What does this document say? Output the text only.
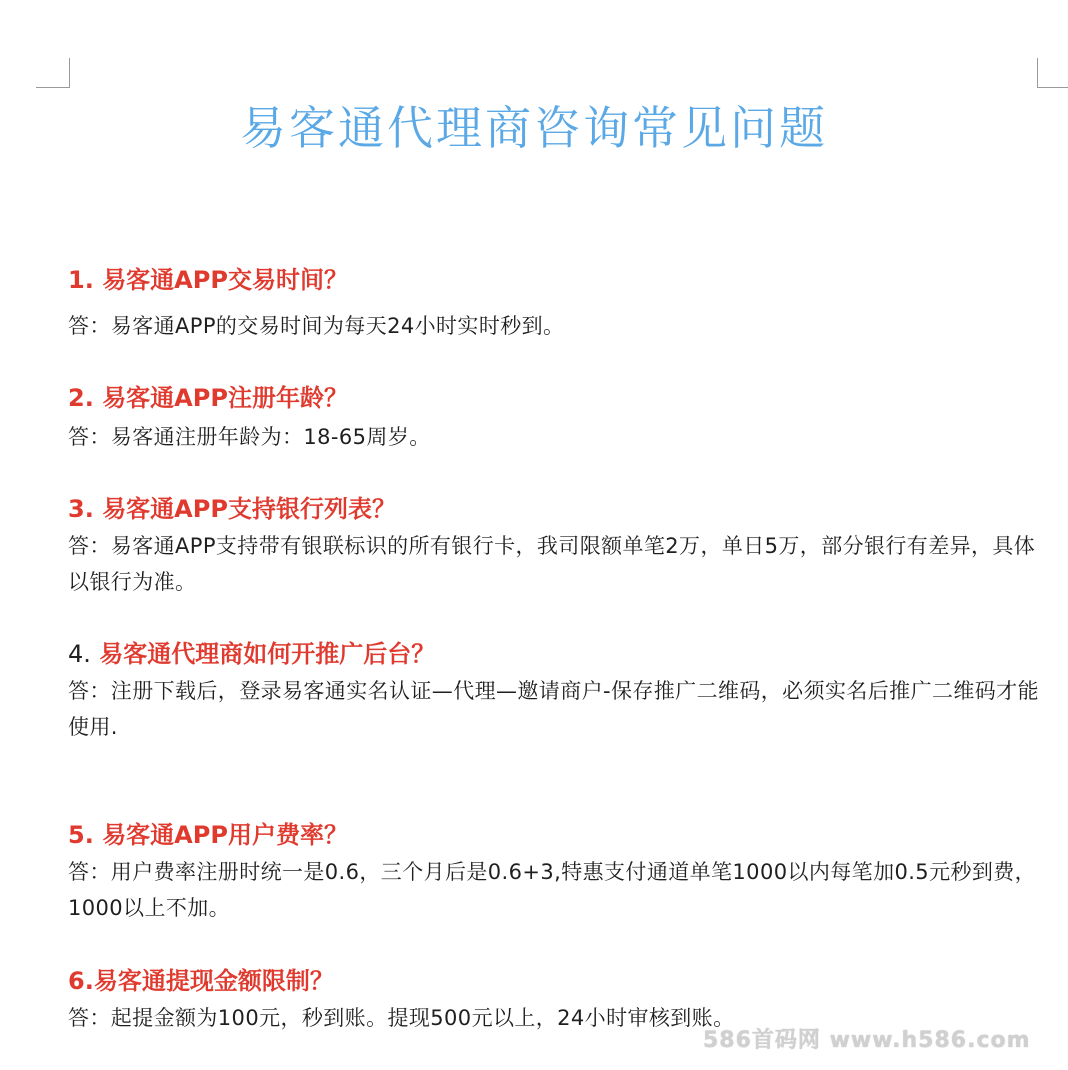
易客通代理商咨询常见问题
1. 易客通APP交易时间？
答：易客通APP的交易时间为每天24小时实时秒到。
2. 易客通APP注册年龄？
答：易客通注册年龄为：18-65周岁。
3. 易客通APP支持银行列表？
答：易客通APP支持带有银联标识的所有银行卡，我司限额单笔2万，单日5万，部分银行有差异，具体以银行为准。
4. 易客通代理商如何开推广后台？
答：注册下载后，登录易客通实名认证—代理—邀请商户-保存推广二维码，必须实名后推广二维码才能使用.
5. 易客通APP用户费率？
答：用户费率注册时统一是0.6，三个月后是0.6+3,特惠支付通道单笔1000以内每笔加0.5元秒到费，1000以上不加。
6.易客通提现金额限制？
答：起提金额为100元，秒到账。提现500元以上，24小时审核到账。
586首码网 www.h586.com
